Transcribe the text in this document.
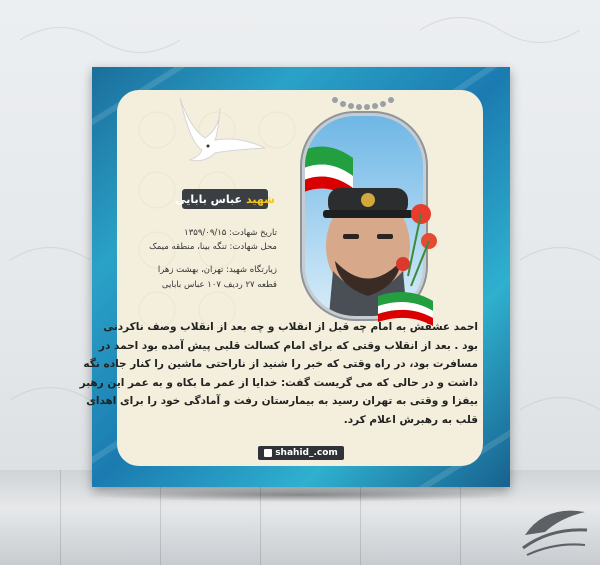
شهید
عباس بابایی
تاریخ شهادت: ۱۳۵۹/۰۹/۱۵
محل شهادت: تنگه بینا، منطقه میمک
زیارتگاه شهید: تهران، بهشت زهرا
قطعه ۲۷ ردیف ۱۰۷ عباس بابایی
احمد عشقش به امام چه قبل از انقلاب و چه بعد از انقلاب وصف ناکردنی
بود . بعد از انقلاب وقتی که برای امام کسالت قلبی پیش آمده بود احمد در
مسافرت بود، در راه وقتی که خبر را شنید از ناراحتی ماشین را کنار جاده نگه
داشت و در حالی که می گریست گفت: خدایا از عمر ما بکاه و به عمر این رهبر
بیفزا و وقتی به تهران رسید به بیمارستان رفت و آمادگی خود را برای اهدای
قلب به رهبرش اعلام کرد.
shahid_.com
